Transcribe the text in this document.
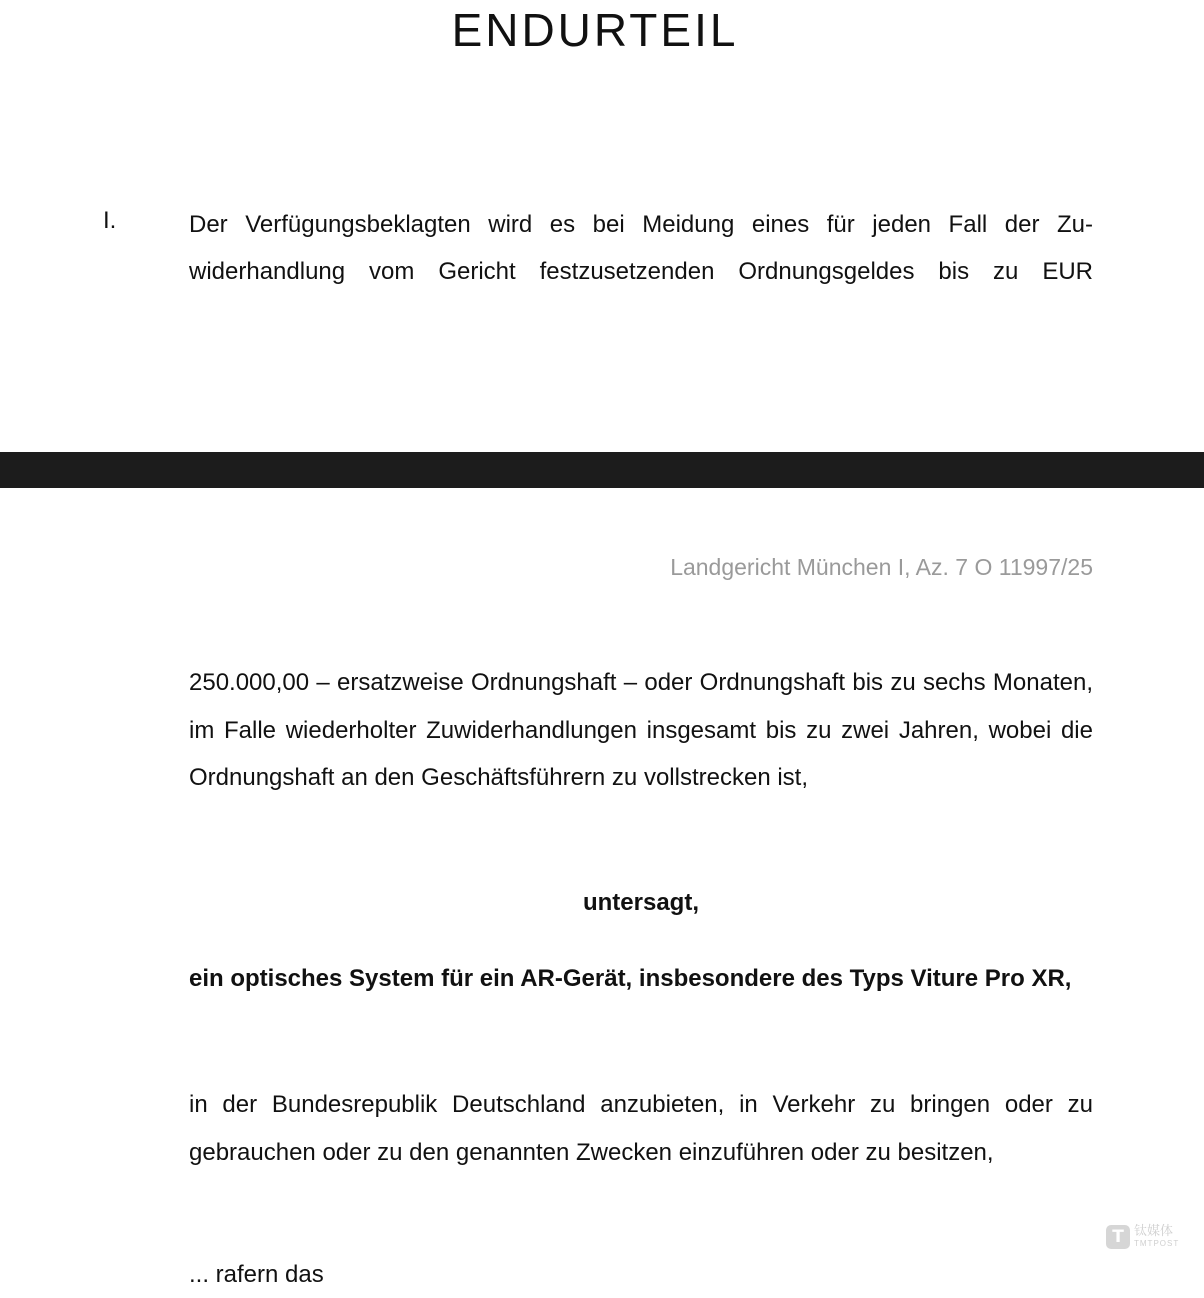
ENDURTEIL
I.	Der Verfügungsbeklagten wird es bei Meidung eines für jeden Fall der Zuwiderhandlung vom Gericht festzusetzenden Ordnungsgeldes bis zu EUR

Landgericht München I, Az. 7 O 11997/25

250.000,00 – ersatzweise Ordnungshaft – oder Ordnungshaft bis zu sechs Monaten, im Falle wiederholter Zuwiderhandlungen insgesamt bis zu zwei Jahren, wobei die Ordnungshaft an den Geschäftsführern zu vollstrecken ist,

untersagt,

ein optisches System für ein AR-Gerät, insbesondere des Typs Viture Pro XR,

in der Bundesrepublik Deutschland anzubieten, in Verkehr zu bringen oder zu gebrauchen oder zu den genannten Zwecken einzuführen oder zu besitzen,

... rafern das

T 钛媒体
TMTPOST
